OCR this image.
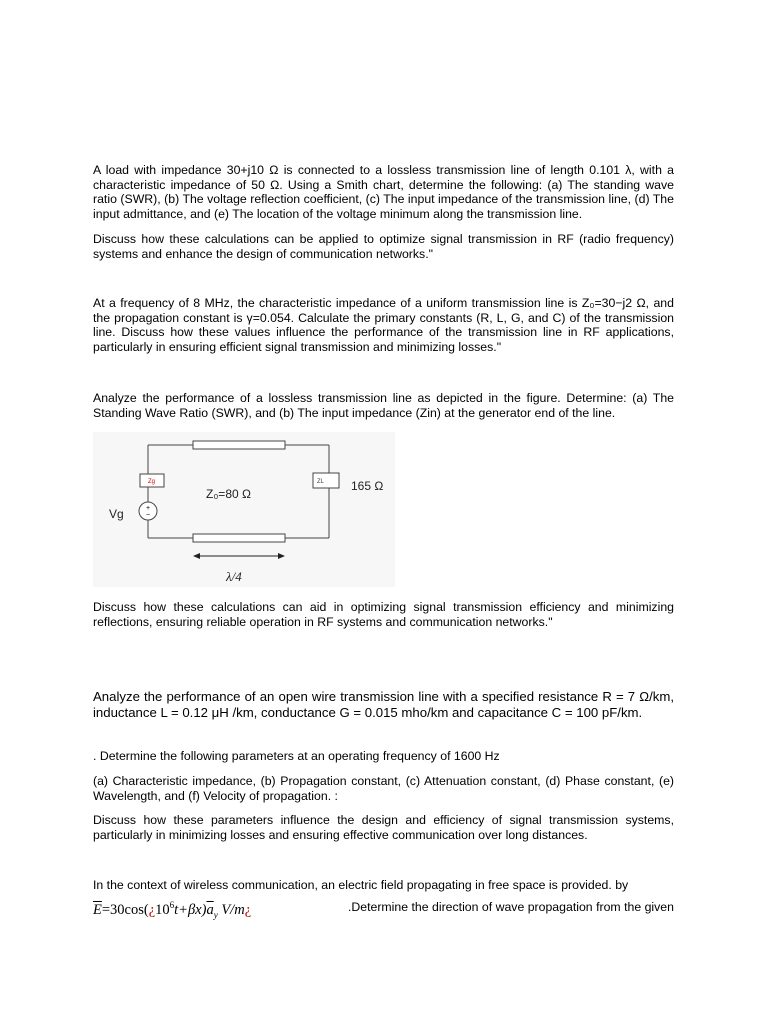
A load with impedance 30+j10 Ω is connected to a lossless transmission line of length 0.101 λ, with a characteristic impedance of 50 Ω. Using a Smith chart, determine the following: (a) The standing wave ratio (SWR), (b) The voltage reflection coefficient, (c) The input impedance of the transmission line, (d) The input admittance, and (e) The location of the voltage minimum along the transmission line.

Discuss how these calculations can be applied to optimize signal transmission in RF (radio frequency) systems and enhance the design of communication networks."

At a frequency of 8 MHz, the characteristic impedance of a uniform transmission line is Z₀=30−j2 Ω, and the propagation constant is γ=0.054. Calculate the primary constants (R, L, G, and C) of the transmission line. Discuss how these values influence the performance of the transmission line in RF applications, particularly in ensuring efficient signal transmission and minimizing losses."

Analyze the performance of a lossless transmission line as depicted in the figure. Determine: (a) The Standing Wave Ratio (SWR), and (b) The input impedance (Zin) at the generator end of the line.

+
−
Zg	ZL
Z₀=80 Ω
165 Ω
Vg
λ/4

Discuss how these calculations can aid in optimizing signal transmission efficiency and minimizing reflections, ensuring reliable operation in RF systems and communication networks."

Analyze the performance of an open wire transmission line with a specified resistance R = 7 Ω/km, inductance L = 0.12 μH /km, conductance G = 0.015 mho/km and capacitance C = 100 pF/km.

. Determine the following parameters at an operating frequency of 1600 Hz

(a) Characteristic impedance, (b) Propagation constant, (c) Attenuation constant, (d) Phase constant, (e) Wavelength, and (f) Velocity of propagation. :

Discuss how these parameters influence the design and efficiency of signal transmission systems, particularly in minimizing losses and ensuring effective communication over long distances.

In the context of wireless communication, an electric field propagating in free space is provided. by

$\overline{E}=30\cos(¿10^6t+\beta x)\overline{a}_y$ V/m¿	.Determine the direction of wave propagation from the given
